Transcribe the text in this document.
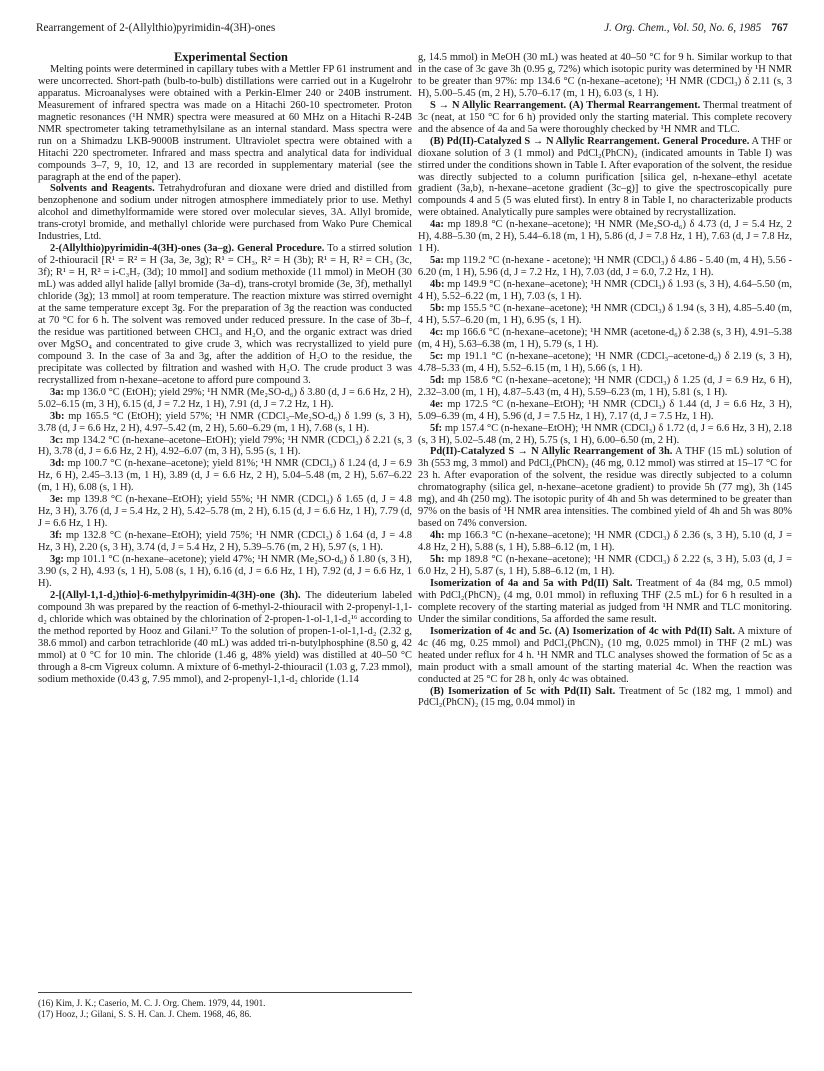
Rearrangement of 2-(Allylthio)pyrimidin-4(3H)-ones	J. Org. Chem., Vol. 50, No. 6, 1985 767

Experimental Section

Melting points were determined in capillary tubes with a Mettler FP 61 instrument and were uncorrected. Short-path (bulb-to-bulb) distillations were carried out in a Kugelrohr apparatus. Microanalyses were obtained with a Perkin-Elmer 240 or 240B instrument. Measurement of infrared spectra was made on a Hitachi 260-10 spectrometer. Proton magnetic resonances (¹H NMR) spectra were measured at 60 MHz on a Hitachi R-24B NMR spectrometer taking tetramethylsilane as an internal standard. Mass spectra were run on a Shimadzu LKB-9000B instrument. Ultraviolet spectra were obtained with a Hitachi 220 spectrometer. Infrared and mass spectra and analytical data for individual compounds 3–7, 9, 10, 12, and 13 are recorded in supplementary material (see the paragraph at the end of the paper).

Solvents and Reagents. Tetrahydrofuran and dioxane were dried and distilled from benzophenone and sodium under nitrogen atmosphere immediately prior to use. Methyl alcohol and dimethylformamide were stored over molecular sieves, 3A. Allyl bromide, trans-crotyl bromide, and methallyl chloride were purchased from Wako Pure Chemical Industries, Ltd.

2-(Allylthio)pyrimidin-4(3H)-ones (3a–g). General Procedure. To a stirred solution of 2-thiouracil [R¹ = R² = H (3a, 3e, 3g); R¹ = CH₃, R² = H (3b); R¹ = H, R² = CH₃ (3c, 3f); R¹ = H, R² = i-C₃H₇ (3d); 10 mmol] and sodium methoxide (11 mmol) in MeOH (30 mL) was added allyl halide [allyl bromide (3a–d), trans-crotyl bromide (3e, 3f), methallyl chloride (3g); 13 mmol] at room temperature. The reaction mixture was stirred overnight at the same temperature except 3g. For the preparation of 3g the reaction was conducted at 70 °C for 6 h. The solvent was removed under reduced pressure. In the case of 3b–f, the residue was partitioned between CHCl₃ and H₂O, and the organic extract was dried over MgSO₄ and concentrated to give crude 3, which was recrystallized to yield pure compound 3. In the case of 3a and 3g, after the addition of H₂O to the residue, the precipitate was collected by filtration and washed with H₂O. The crude product 3 was recrystallized from n-hexane–acetone to afford pure compound 3.

3a: mp 136.0 °C (EtOH); yield 29%; ¹H NMR (Me₂SO-d₆) δ 3.80 (d, J = 6.6 Hz, 2 H), 5.02–6.15 (m, 3 H), 6.15 (d, J = 7.2 Hz, 1 H), 7.91 (d, J = 7.2 Hz, 1 H).

3b: mp 165.5 °C (EtOH); yield 57%; ¹H NMR (CDCl₃–Me₂SO-d₆) δ 1.99 (s, 3 H), 3.78 (d, J = 6.6 Hz, 2 H), 4.97–5.42 (m, 2 H), 5.60–6.29 (m, 1 H), 7.68 (s, 1 H).

3c: mp 134.2 °C (n-hexane–acetone–EtOH); yield 79%; ¹H NMR (CDCl₃) δ 2.21 (s, 3 H), 3.78 (d, J = 6.6 Hz, 2 H), 4.92–6.07 (m, 3 H), 5.95 (s, 1 H).

3d: mp 100.7 °C (n-hexane–acetone); yield 81%; ¹H NMR (CDCl₃) δ 1.24 (d, J = 6.9 Hz, 6 H), 2.45–3.13 (m, 1 H), 3.89 (d, J = 6.6 Hz, 2 H), 5.04–5.48 (m, 2 H), 5.67–6.22 (m, 1 H), 6.08 (s, 1 H).

3e: mp 139.8 °C (n-hexane–EtOH); yield 55%; ¹H NMR (CDCl₃) δ 1.65 (d, J = 4.8 Hz, 3 H), 3.76 (d, J = 5.4 Hz, 2 H), 5.42–5.78 (m, 2 H), 6.15 (d, J = 6.6 Hz, 1 H), 7.79 (d, J = 6.6 Hz, 1 H).

3f: mp 132.8 °C (n-hexane–EtOH); yield 75%; ¹H NMR (CDCl₃) δ 1.64 (d, J = 4.8 Hz, 3 H), 2.20 (s, 3 H), 3.74 (d, J = 5.4 Hz, 2 H), 5.39–5.76 (m, 2 H), 5.97 (s, 1 H).

3g: mp 101.1 °C (n-hexane–acetone); yield 47%; ¹H NMR (Me₂SO-d₆) δ 1.80 (s, 3 H), 3.90 (s, 2 H), 4.93 (s, 1 H), 5.08 (s, 1 H), 6.16 (d, J = 6.6 Hz, 1 H), 7.92 (d, J = 6.6 Hz, 1 H).

2-[(Allyl-1,1-d₂)thio]-6-methylpyrimidin-4(3H)-one (3h). The dideuterium labeled compound 3h was prepared by the reaction of 6-methyl-2-thiouracil with 2-propenyl-1,1-d₂ chloride which was obtained by the chlorination of 2-propen-1-ol-1,1-d₂¹⁶ according to the method reported by Hooz and Gilani.¹⁷ To the solution of propen-1-ol-1,1-d₂ (2.32 g, 38.6 mmol) and carbon tetrachloride (40 mL) was added tri-n-butylphosphine (8.50 g, 42 mmol) at 0 °C for 10 min. The chloride (1.46 g, 48% yield) was distilled at 40–50 °C through a 8-cm Vigreux column. A mixture of 6-methyl-2-thiouracil (1.03 g, 7.23 mmol), sodium methoxide (0.43 g, 7.95 mmol), and 2-propenyl-1,1-d₂ chloride (1.14

g, 14.5 mmol) in MeOH (30 mL) was heated at 40–50 °C for 9 h. Similar workup to that in the case of 3c gave 3h (0.95 g, 72%) which isotopic purity was determined by ¹H NMR to be greater than 97%: mp 134.6 °C (n-hexane–acetone); ¹H NMR (CDCl₃) δ 2.11 (s, 3 H), 5.00–5.45 (m, 2 H), 5.70–6.17 (m, 1 H), 6.03 (s, 1 H).

S → N Allylic Rearrangement. (A) Thermal Rearrangement. Thermal treatment of 3c (neat, at 150 °C for 6 h) provided only the starting material. This complete recovery and the absence of 4a and 5a were thoroughly checked by ¹H NMR and TLC.

(B) Pd(II)-Catalyzed S → N Allylic Rearrangement. General Procedure. A THF or dioxane solution of 3 (1 mmol) and PdCl₂(PhCN)₂ (indicated amounts in Table I) was stirred under the conditions shown in Table I. After evaporation of the solvent, the residue was directly subjected to a column purification [silica gel, n-hexane–ethyl acetate gradient (3a,b), n-hexane–acetone gradient (3c–g)] to give the spectroscopically pure compounds 4 and 5 (5 was eluted first). In entry 8 in Table I, no characterizable products were obtained. Analytically pure samples were obtained by recrystallization.

4a: mp 189.8 °C (n-hexane–acetone); ¹H NMR (Me₂SO-d₆) δ 4.73 (d, J = 5.4 Hz, 2 H), 4.88–5.30 (m, 2 H), 5.44–6.18 (m, 1 H), 5.86 (d, J = 7.8 Hz, 1 H), 7.63 (d, J = 7.8 Hz, 1 H).

5a: mp 119.2 °C (n-hexane - acetone); ¹H NMR (CDCl₃) δ 4.86 - 5.40 (m, 4 H), 5.56 - 6.20 (m, 1 H), 5.96 (d, J = 7.2 Hz, 1 H), 7.03 (dd, J = 6.0, 7.2 Hz, 1 H).

4b: mp 149.9 °C (n-hexane–acetone); ¹H NMR (CDCl₃) δ 1.93 (s, 3 H), 4.64–5.50 (m, 4 H), 5.52–6.22 (m, 1 H), 7.03 (s, 1 H).

5b: mp 155.5 °C (n-hexane–acetone); ¹H NMR (CDCl₃) δ 1.94 (s, 3 H), 4.85–5.40 (m, 4 H), 5.57–6.20 (m, 1 H), 6.95 (s, 1 H).

4c: mp 166.6 °C (n-hexane–acetone); ¹H NMR (acetone-d₆) δ 2.38 (s, 3 H), 4.91–5.38 (m, 4 H), 5.63–6.38 (m, 1 H), 5.79 (s, 1 H).

5c: mp 191.1 °C (n-hexane–acetone); ¹H NMR (CDCl₃–acetone-d₆) δ 2.19 (s, 3 H), 4.78–5.33 (m, 4 H), 5.52–6.15 (m, 1 H), 5.66 (s, 1 H).

5d: mp 158.6 °C (n-hexane–acetone); ¹H NMR (CDCl₃) δ 1.25 (d, J = 6.9 Hz, 6 H), 2.32–3.00 (m, 1 H), 4.87–5.43 (m, 4 H), 5.59–6.23 (m, 1 H), 5.81 (s, 1 H).

4e: mp 172.5 °C (n-hexane–EtOH); ¹H NMR (CDCl₃) δ 1.44 (d, J = 6.6 Hz, 3 H), 5.09–6.39 (m, 4 H), 5.96 (d, J = 7.5 Hz, 1 H), 7.17 (d, J = 7.5 Hz, 1 H).

5f: mp 157.4 °C (n-hexane–EtOH); ¹H NMR (CDCl₃) δ 1.72 (d, J = 6.6 Hz, 3 H), 2.18 (s, 3 H), 5.02–5.48 (m, 2 H), 5.75 (s, 1 H), 6.00–6.50 (m, 2 H).

Pd(II)-Catalyzed S → N Allylic Rearrangement of 3h. A THF (15 mL) solution of 3h (553 mg, 3 mmol) and PdCl₂(PhCN)₂ (46 mg, 0.12 mmol) was stirred at 15–17 °C for 23 h. After evaporation of the solvent, the residue was directly subjected to a column chromatography (silica gel, n-hexane–acetone gradient) to provide 5h (77 mg), 3h (145 mg), and 4h (250 mg). The isotopic purity of 4h and 5h was determined to be greater than 97% on the basis of ¹H NMR area intensities. The combined yield of 4h and 5h was 80% based on 74% conversion.

4h: mp 166.3 °C (n-hexane–acetone); ¹H NMR (CDCl₃) δ 2.36 (s, 3 H), 5.10 (d, J = 4.8 Hz, 2 H), 5.88 (s, 1 H), 5.88–6.12 (m, 1 H).

5h: mp 189.8 °C (n-hexane–acetone); ¹H NMR (CDCl₃) δ 2.22 (s, 3 H), 5.03 (d, J = 6.0 Hz, 2 H), 5.87 (s, 1 H), 5.88–6.12 (m, 1 H).

Isomerization of 4a and 5a with Pd(II) Salt. Treatment of 4a (84 mg, 0.5 mmol) with PdCl₂(PhCN)₂ (4 mg, 0.01 mmol) in refluxing THF (2.5 mL) for 6 h resulted in a complete recovery of the starting material as judged from ¹H NMR and TLC monitoring. Under the similar conditions, 5a afforded the same result.

Isomerization of 4c and 5c. (A) Isomerization of 4c with Pd(II) Salt. A mixture of 4c (46 mg, 0.25 mmol) and PdCl₂(PhCN)₂ (10 mg, 0.025 mmol) in THF (2 mL) was heated under reflux for 4 h. ¹H NMR and TLC analyses showed the formation of 5c as a main product with a small amount of the starting material 4c. When the reaction was conducted at 25 °C for 28 h, only 4c was obtained.

(B) Isomerization of 5c with Pd(II) Salt. Treatment of 5c (182 mg, 1 mmol) and PdCl₂(PhCN)₂ (15 mg, 0.04 mmol) in

(16) Kim, J. K.; Caserio, M. C. J. Org. Chem. 1979, 44, 1901.

(17) Hooz, J.; Gilani, S. S. H. Can. J. Chem. 1968, 46, 86.
